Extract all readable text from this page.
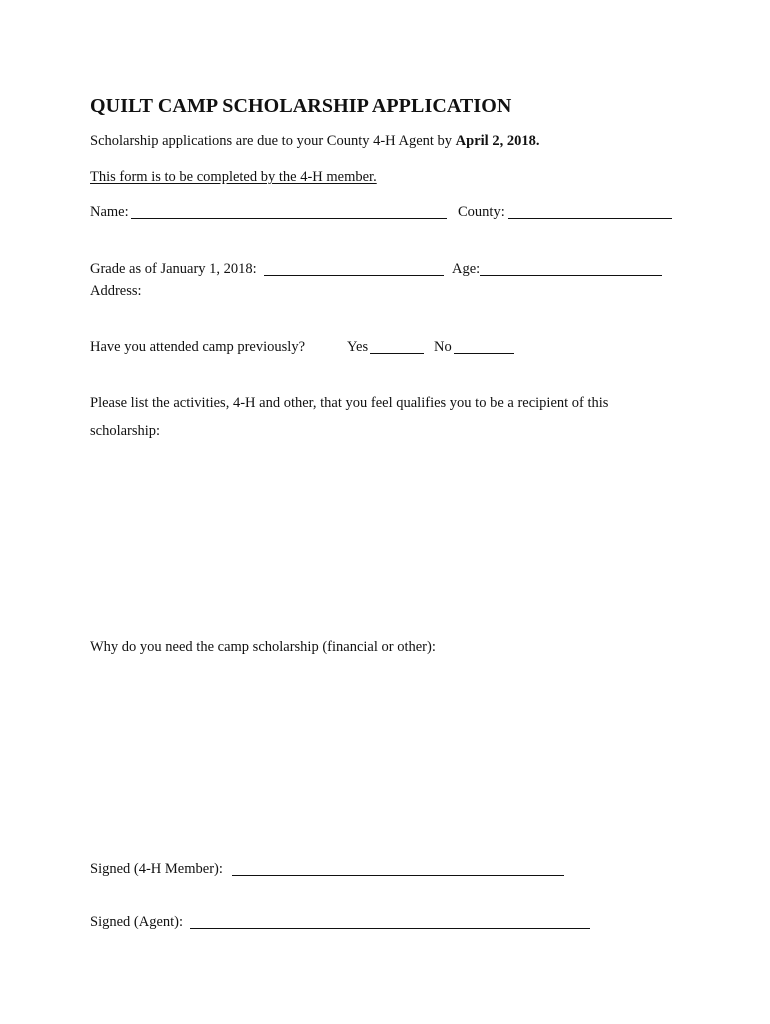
QUILT CAMP SCHOLARSHIP APPLICATION
Scholarship applications are due to your County 4-H Agent by April 2, 2018.
This form is to be completed by the 4-H member.
Name:	County:
Grade as of January 1, 2018:	Age:
Address:
Have you attended camp previously?	Yes	No
Please list the activities, 4-H and other, that you feel qualifies you to be a recipient of this
scholarship:
Why do you need the camp scholarship (financial or other):
Signed (4-H Member):
Signed (Agent):
